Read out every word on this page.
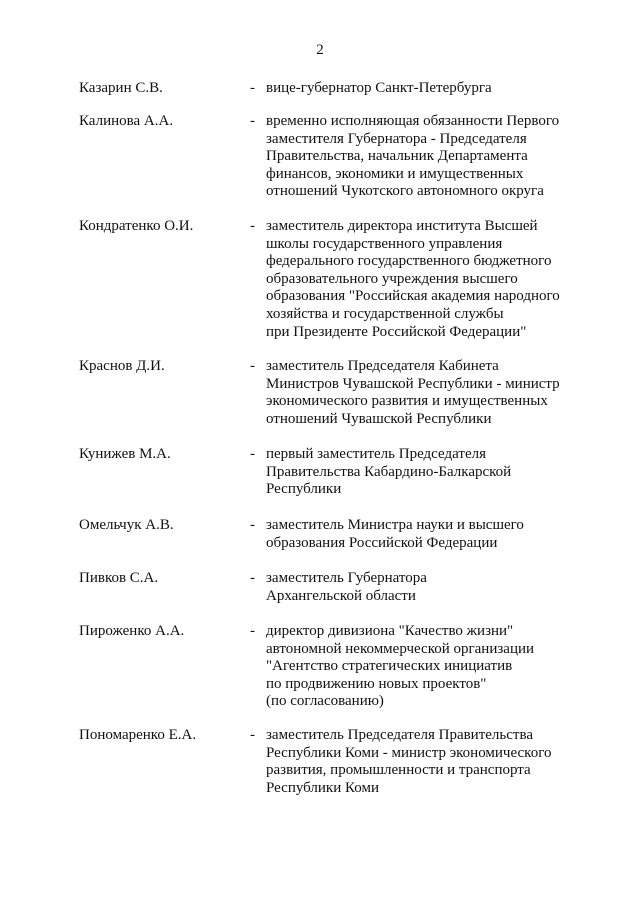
2
Казарин С.В.	- вице-губернатор Санкт-Петербурга
Калинова А.А.	- временно исполняющая обязанности Первого
заместителя Губернатора - Председателя
Правительства, начальник Департамента
финансов, экономики и имущественных
отношений Чукотского автономного округа
Кондратенко О.И.	- заместитель директора института Высшей
школы государственного управления
федерального государственного бюджетного
образовательного учреждения высшего
образования "Российская академия народного
хозяйства и государственной службы
при Президенте Российской Федерации"
Краснов Д.И.	- заместитель Председателя Кабинета
Министров Чувашской Республики - министр
экономического развития и имущественных
отношений Чувашской Республики
Кунижев М.А.	- первый заместитель Председателя
Правительства Кабардино-Балкарской
Республики
Омельчук А.В.	- заместитель Министра науки и высшего
образования Российской Федерации
Пивков С.А.	- заместитель Губернатора
Архангельской области
Пироженко А.А.	- директор дивизиона "Качество жизни"
автономной некоммерческой организации
"Агентство стратегических инициатив
по продвижению новых проектов"
(по согласованию)
Пономаренко Е.А.	- заместитель Председателя Правительства
Республики Коми - министр экономического
развития, промышленности и транспорта
Республики Коми
